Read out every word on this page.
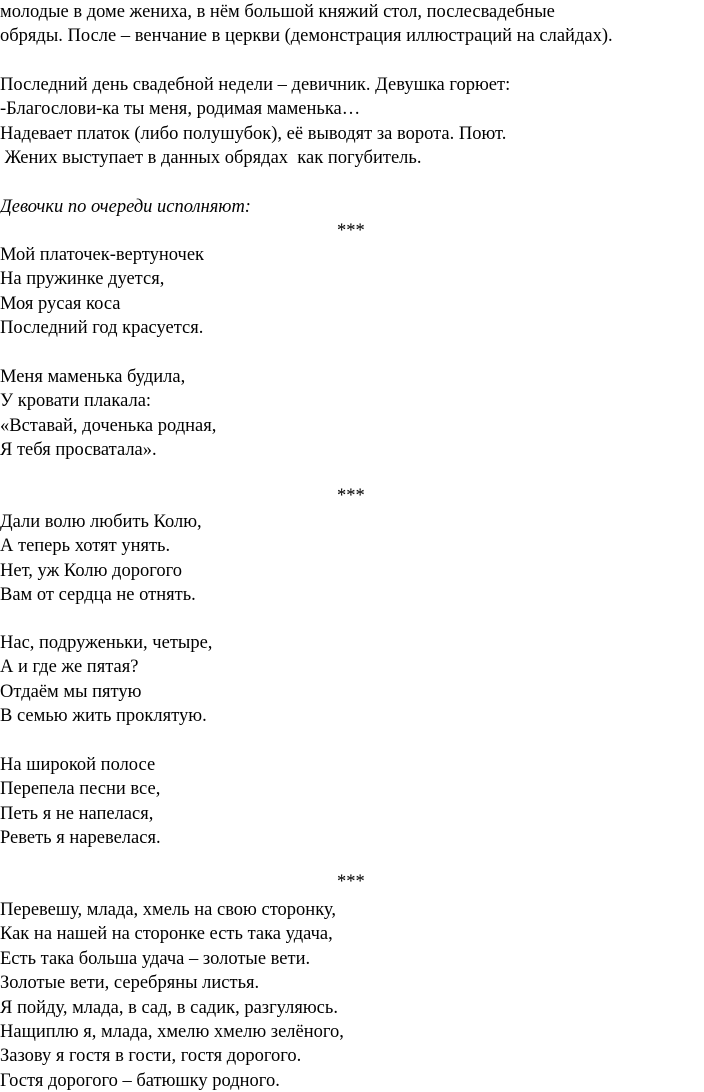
молодые в доме жениха, в нём большой княжий стол, послесвадебные
обряды. После – венчание в церкви (демонстрация иллюстраций на слайдах).
Последний день свадебной недели – девичник. Девушка горюет:
-Благослови-ка ты меня, родимая маменька…
Надевает платок (либо полушубок), её выводят за ворота. Поют.
Жених выступает в данных обрядах  как погубитель.
Девочки по очереди исполняют:
***
Мой платочек-вертуночек
На пружинке дуется,
Моя русая коса
Последний год красуется.
Меня маменька будила,
У кровати плакала:
«Вставай, доченька родная,
Я тебя просватала».
***
Дали волю любить Колю,
А теперь хотят унять.
Нет, уж Колю дорогого
Вам от сердца не отнять.
Нас, подруженьки, четыре,
А и где же пятая?
Отдаём мы пятую
В семью жить проклятую.
На широкой полосе
Перепела песни все,
Петь я не напелася,
Реветь я наревелася.
***
Перевешу, млада, хмель на свою сторонку,
Как на нашей на сторонке есть така удача,
Есть така больша удача – золотые вети.
Золотые вети, серебряны листья.
Я пойду, млада, в сад, в садик, разгуляюсь.
Нащиплю я, млада, хмелю хмелю зелёного,
Зазову я гостя в гости, гостя дорогого.
Гостя дорогого – батюшку родного.
